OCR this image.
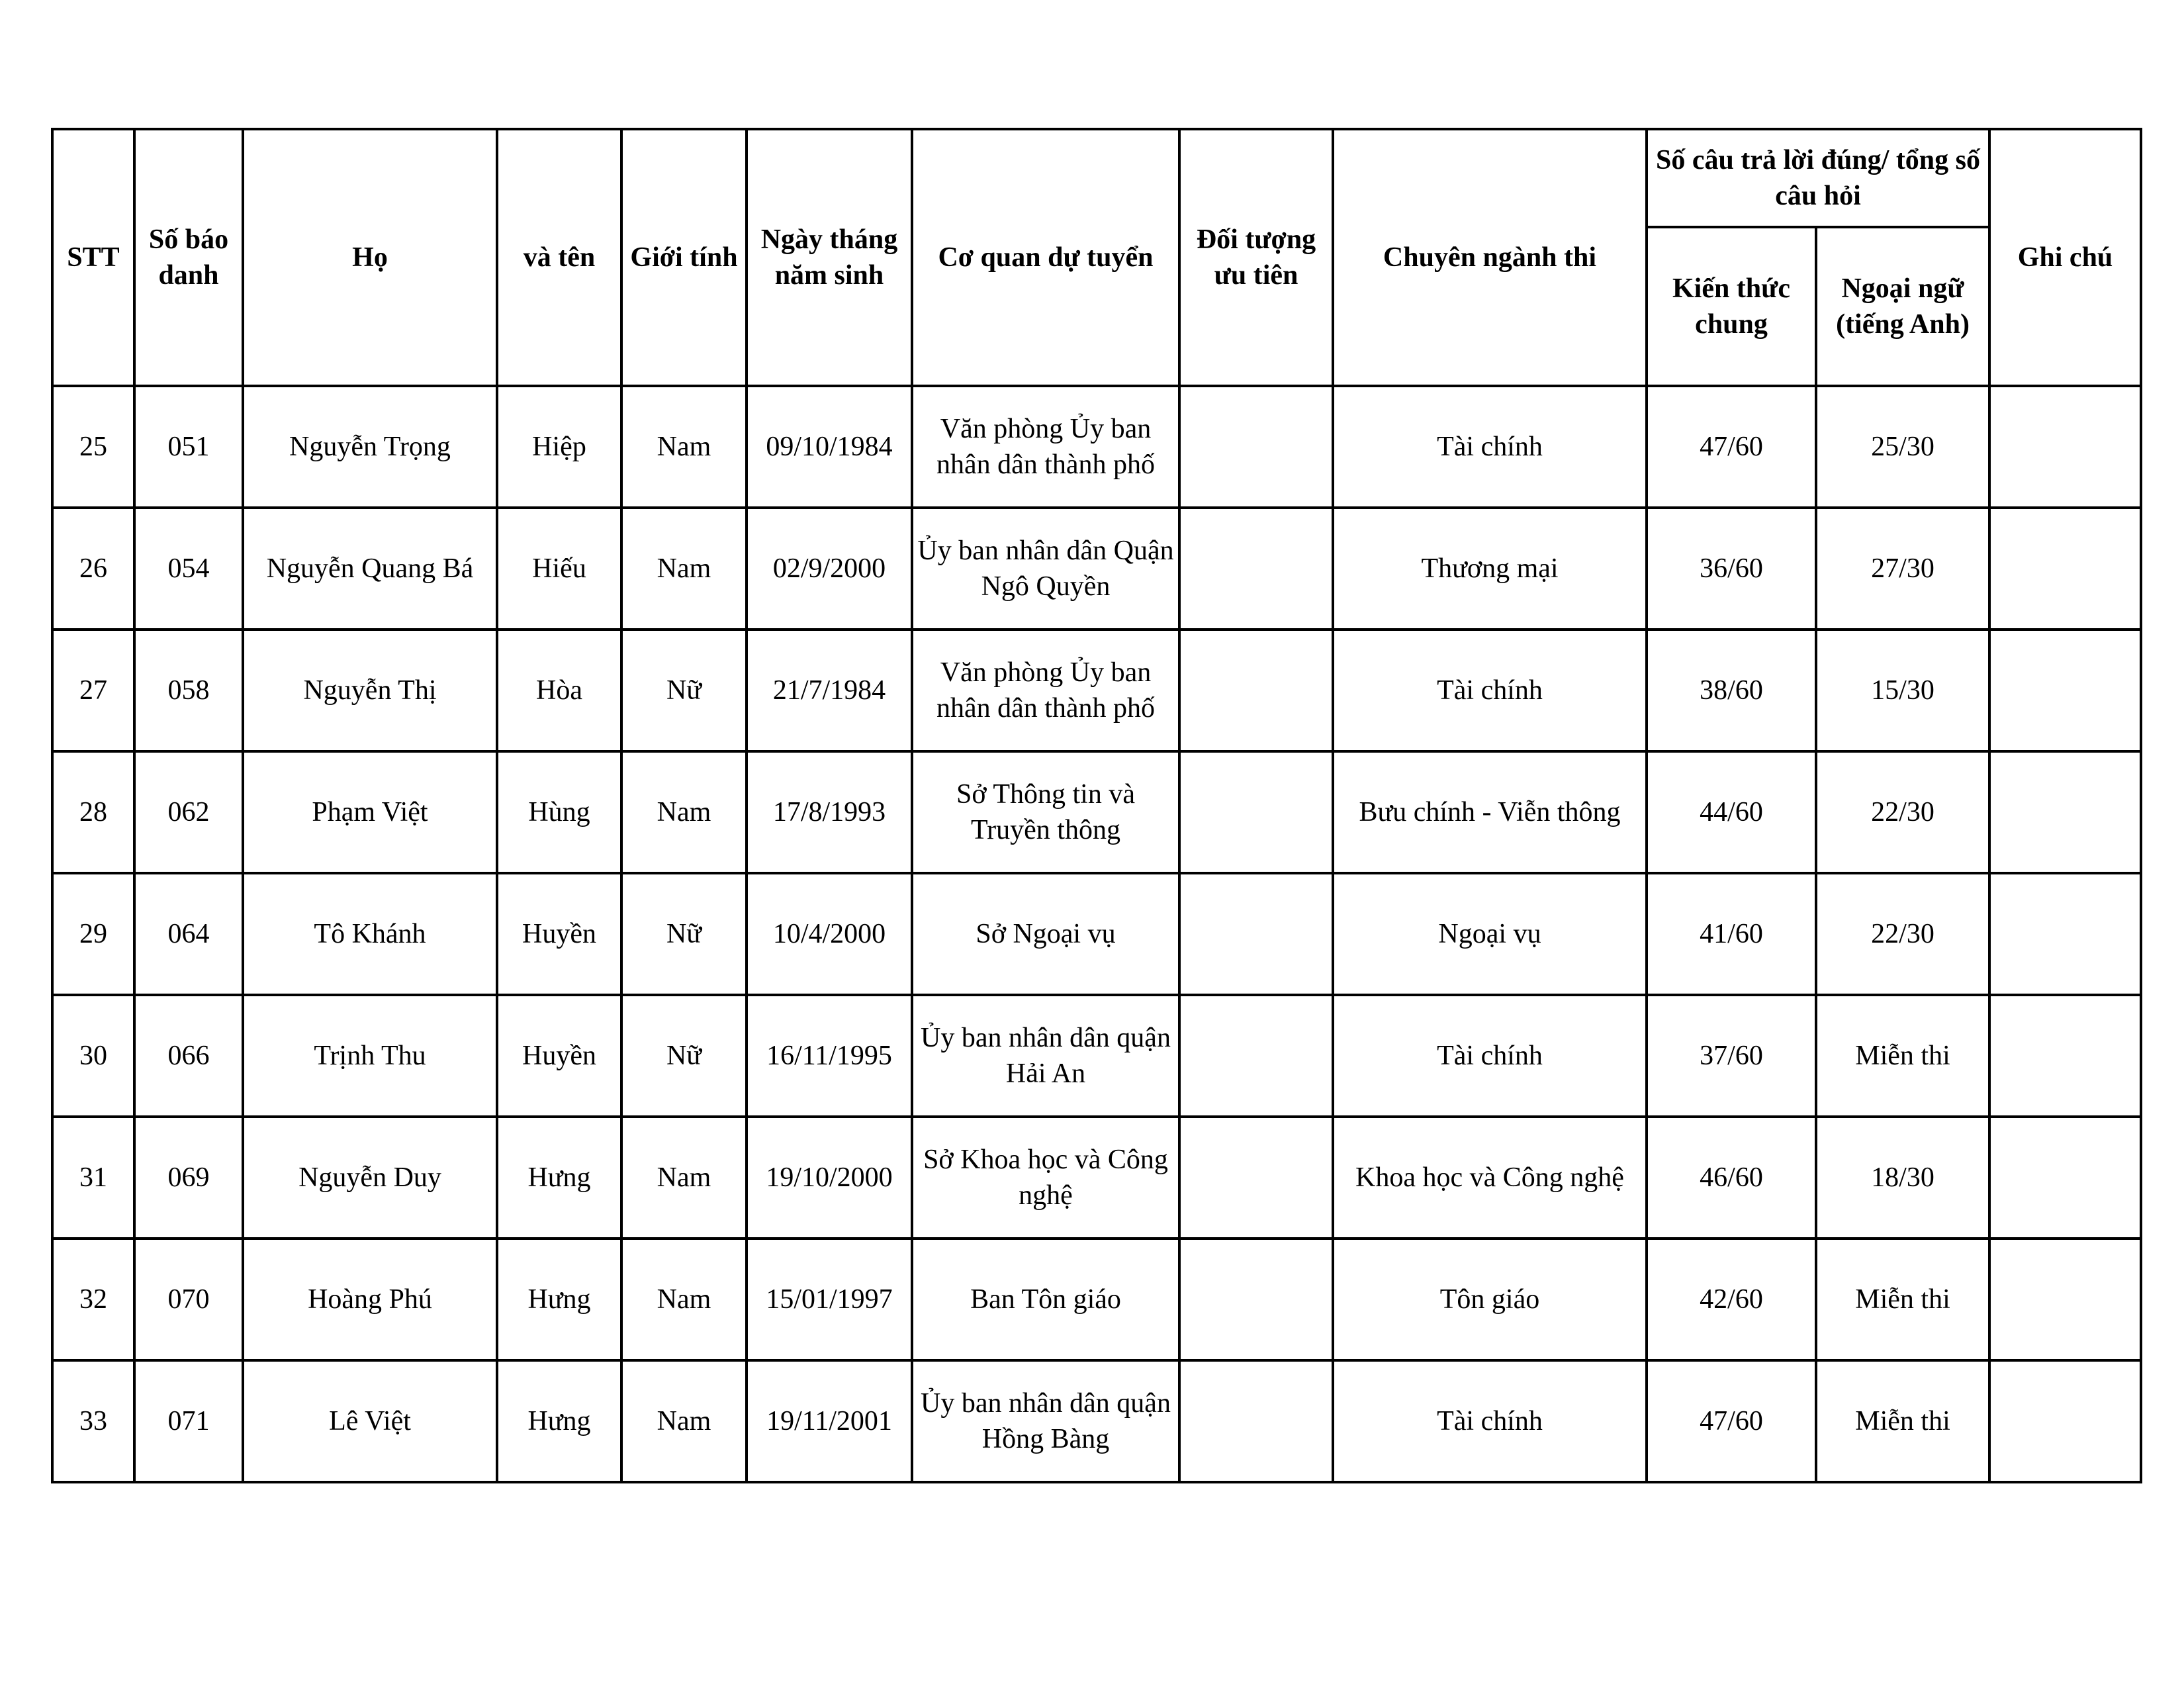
STT	Số báo danh	Họ	và tên	Giới tính	Ngày tháng năm sinh	Cơ quan dự tuyển	Đối tượng ưu tiên	Chuyên ngành thi	Số câu trả lời đúng/ tổng số câu hỏi		Ghi chú
									Kiến thức chung	Ngoại ngữ (tiếng Anh)	
25	051	Nguyễn Trọng	Hiệp	Nam	09/10/1984	Văn phòng Ủy ban nhân dân thành phố		Tài chính	47/60	25/30	
26	054	Nguyễn Quang Bá	Hiếu	Nam	02/9/2000	Ủy ban nhân dân Quận Ngô Quyền		Thương mại	36/60	27/30	
27	058	Nguyễn Thị	Hòa	Nữ	21/7/1984	Văn phòng Ủy ban nhân dân thành phố		Tài chính	38/60	15/30	
28	062	Phạm Việt	Hùng	Nam	17/8/1993	Sở Thông tin và Truyền thông		Bưu chính - Viễn thông	44/60	22/30	
29	064	Tô Khánh	Huyền	Nữ	10/4/2000	Sở Ngoại vụ		Ngoại vụ	41/60	22/30	
30	066	Trịnh Thu	Huyền	Nữ	16/11/1995	Ủy ban nhân dân quận Hải An		Tài chính	37/60	Miễn thi	
31	069	Nguyễn Duy	Hưng	Nam	19/10/2000	Sở Khoa học và Công nghệ		Khoa học và Công nghệ	46/60	18/30	
32	070	Hoàng Phú	Hưng	Nam	15/01/1997	Ban Tôn giáo		Tôn giáo	42/60	Miễn thi	
33	071	Lê Việt	Hưng	Nam	19/11/2001	Ủy ban nhân dân quận Hồng Bàng		Tài chính	47/60	Miễn thi	
